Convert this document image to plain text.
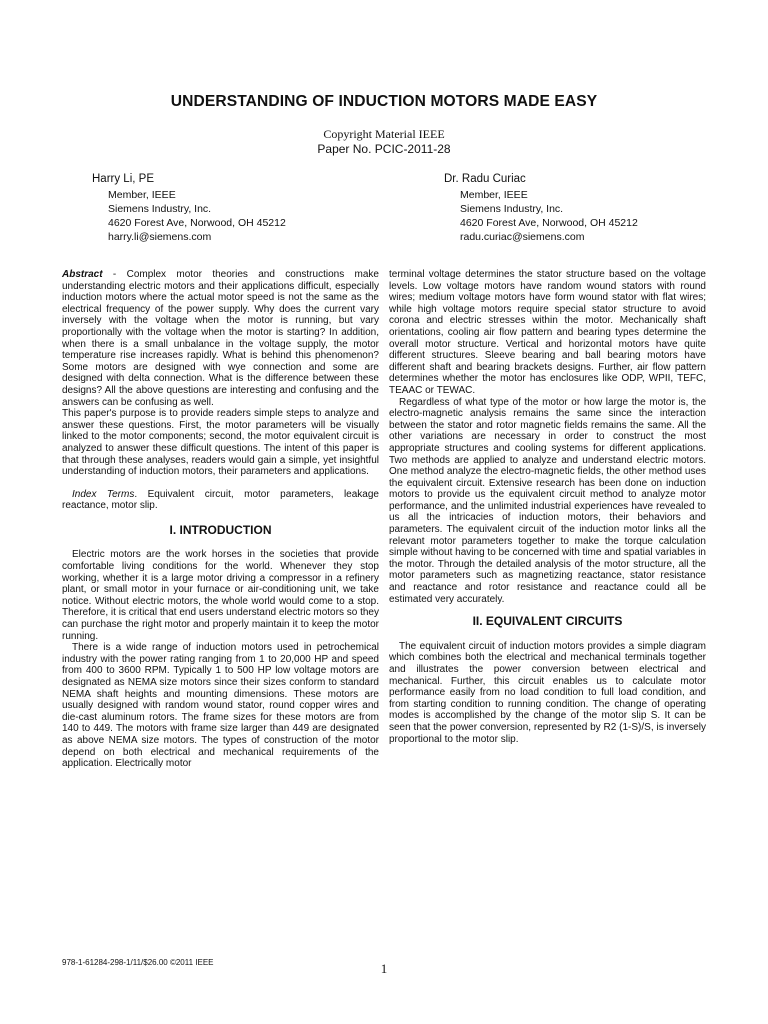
UNDERSTANDING OF INDUCTION MOTORS MADE EASY
Copyright Material IEEE
Paper No. PCIC-2011-28
Harry Li, PE
Member, IEEE
Siemens Industry, Inc.
4620 Forest Ave, Norwood, OH 45212
harry.li@siemens.com
Dr. Radu Curiac
Member, IEEE
Siemens Industry, Inc.
4620 Forest Ave, Norwood, OH 45212
radu.curiac@siemens.com

Abstract - Complex motor theories and constructions make understanding electric motors and their applications difficult, especially induction motors where the actual motor speed is not the same as the electrical frequency of the power supply. Why does the current vary inversely with the voltage when the motor is running, but vary proportionally with the voltage when the motor is starting? In addition, when there is a small unbalance in the voltage supply, the motor temperature rise increases rapidly. What is behind this phenomenon? Some motors are designed with wye connection and some are designed with delta connection. What is the difference between these designs? All the above questions are interesting and confusing and the answers can be confusing as well.

This paper's purpose is to provide readers simple steps to analyze and answer these questions. First, the motor parameters will be visually linked to the motor components; second, the motor equivalent circuit is analyzed to answer these difficult questions. The intent of this paper is that through these analyses, readers would gain a simple, yet insightful understanding of induction motors, their parameters and applications.

Index Terms. Equivalent circuit, motor parameters, leakage reactance, motor slip.

I. INTRODUCTION

Electric motors are the work horses in the societies that provide comfortable living conditions for the world. Whenever they stop working, whether it is a large motor driving a compressor in a refinery plant, or small motor in your furnace or air-conditioning unit, we take notice. Without electric motors, the whole world would come to a stop. Therefore, it is critical that end users understand electric motors so they can purchase the right motor and properly maintain it to keep the motor running.

There is a wide range of induction motors used in petrochemical industry with the power rating ranging from 1 to 20,000 HP and speed from 400 to 3600 RPM. Typically 1 to 500 HP low voltage motors are designated as NEMA size motors since their sizes conform to standard NEMA shaft heights and mounting dimensions. These motors are usually designed with random wound stator, round copper wires and die-cast aluminum rotors. The frame sizes for these motors are from 140 to 449. The motors with frame size larger than 449 are designated as above NEMA size motors. The types of construction of the motor depend on both electrical and mechanical requirements of the application. Electrically motor

terminal voltage determines the stator structure based on the voltage levels. Low voltage motors have random wound stators with round wires; medium voltage motors have form wound stator with flat wires; while high voltage motors require special stator structure to avoid corona and electric stresses within the motor. Mechanically shaft orientations, cooling air flow pattern and bearing types determine the overall motor structure. Vertical and horizontal motors have quite different structures. Sleeve bearing and ball bearing motors have different shaft and bearing brackets designs. Further, air flow pattern determines whether the motor has enclosures like ODP, WPII, TEFC, TEAAC or TEWAC.

Regardless of what type of the motor or how large the motor is, the electro-magnetic analysis remains the same since the interaction between the stator and rotor magnetic fields remains the same. All the other variations are necessary in order to construct the most appropriate structures and cooling systems for different applications. Two methods are applied to analyze and understand electric motors. One method analyze the electro-magnetic fields, the other method uses the equivalent circuit. Extensive research has been done on induction motors to provide us the equivalent circuit method to analyze motor performance, and the unlimited industrial experiences have revealed to us all the intricacies of induction motors, their behaviors and parameters. The equivalent circuit of the induction motor links all the relevant motor parameters together to make the torque calculation simple without having to be concerned with time and spatial variables in the motor. Through the detailed analysis of the motor structure, all the motor parameters such as magnetizing reactance, stator resistance and reactance and rotor resistance and reactance could all be estimated very accurately.

II. EQUIVALENT CIRCUITS

The equivalent circuit of induction motors provides a simple diagram which combines both the electrical and mechanical terminals together and illustrates the power conversion between electrical and mechanical. Further, this circuit enables us to calculate motor performance easily from no load condition to full load condition, and from starting condition to running condition. The change of operating modes is accomplished by the change of the motor slip S. It can be seen that the power conversion, represented by R2 (1-S)/S, is inversely proportional to the motor slip.

978-1-61284-298-1/11/$26.00 ©2011 IEEE	1
